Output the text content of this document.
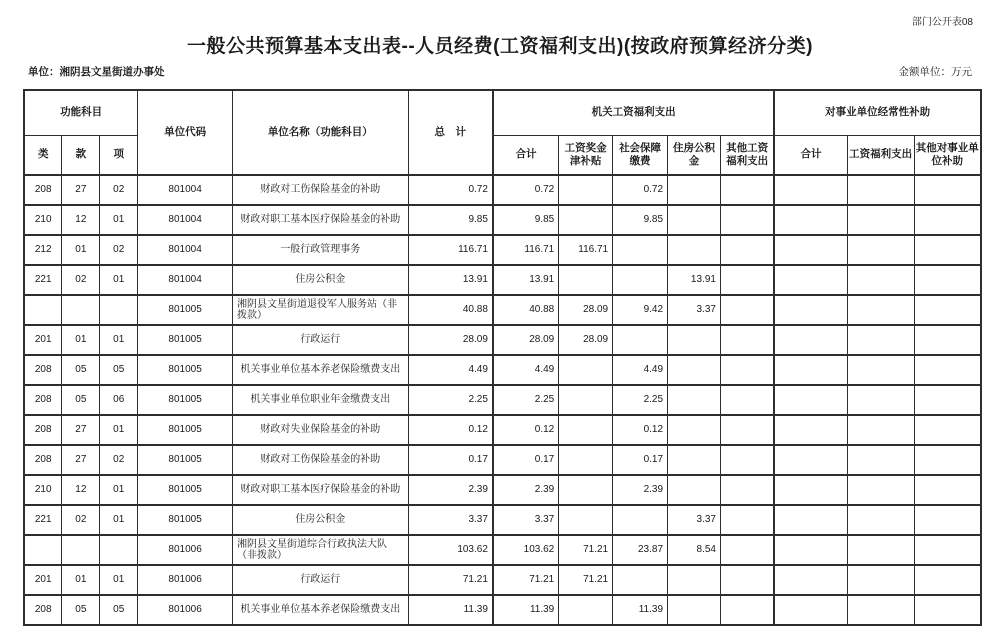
部门公开表08
一般公共预算基本支出表--人员经费(工资福利支出)(按政府预算经济分类)
单位：湘阴县文星街道办事处	金额单位：万元
功能科目			单位代码	单位名称（功能科目）	总　计	机关工资福利支出					对事业单位经常性补助		
类	款	项				合计	工资奖金津补贴	社会保障缴费	住房公积金	其他工资福利支出	合计	工资福利支出	其他对事业单位补助
208	27	02	801004	财政对工伤保险基金的补助	0.72	0.72		0.72					
210	12	01	801004	财政对职工基本医疗保险基金的补助	9.85	9.85		9.85					
212	01	02	801004	一般行政管理事务	116.71	116.71	116.71						
221	02	01	801004	住房公积金	13.91	13.91			13.91				
			801005	湘阴县文星街道退役军人服务站（非拨款）	40.88	40.88	28.09	9.42	3.37				
201	01	01	801005	行政运行	28.09	28.09	28.09						
208	05	05	801005	机关事业单位基本养老保险缴费支出	4.49	4.49		4.49					
208	05	06	801005	机关事业单位职业年金缴费支出	2.25	2.25		2.25					
208	27	01	801005	财政对失业保险基金的补助	0.12	0.12		0.12					
208	27	02	801005	财政对工伤保险基金的补助	0.17	0.17		0.17					
210	12	01	801005	财政对职工基本医疗保险基金的补助	2.39	2.39		2.39					
221	02	01	801005	住房公积金	3.37	3.37			3.37				
			801006	湘阴县文星街道综合行政执法大队（非拨款）	103.62	103.62	71.21	23.87	8.54				
201	01	01	801006	行政运行	71.21	71.21	71.21						
208	05	05	801006	机关事业单位基本养老保险缴费支出	11.39	11.39		11.39					
